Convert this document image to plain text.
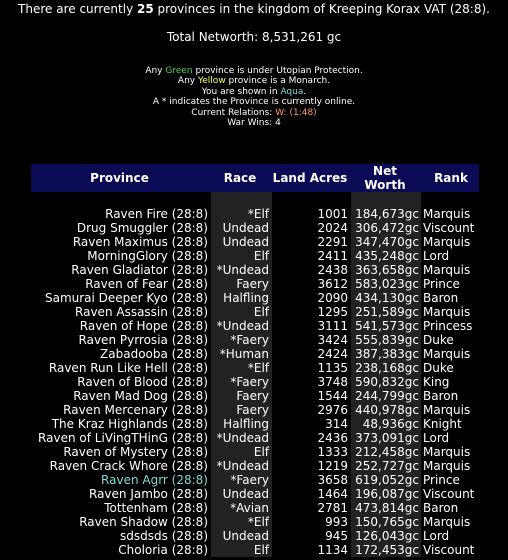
There are currently 25 provinces in the kingdom of Kreeping Korax VAT (28:8).
Total Networth: 8,531,261 gc
Any Green province is under Utopian Protection.
Any Yellow province is a Monarch.
You are shown in Aqua.
A * indicates the Province is currently online.
Current Relations: W: (1:48)
War Wins: 4
Province	Race	Land Acres	Net Worth	Rank

Raven Fire (28:8)	*Elf	1001	184,673gc	Marquis
Drug Smuggler (28:8)	Undead	2024	306,472gc	Viscount
Raven Maximus (28:8)	Undead	2291	347,470gc	Marquis
MorningGlory (28:8)	Elf	2411	435,248gc	Lord
Raven Gladiator (28:8)	*Undead	2438	363,658gc	Marquis
Raven of Fear (28:8)	Faery	3612	583,023gc	Prince
Samurai Deeper Kyo (28:8)	Halfling	2090	434,130gc	Baron
Raven Assassin (28:8)	Elf	1295	251,589gc	Marquis
Raven of Hope (28:8)	*Undead	3111	541,573gc	Princess
Raven Pyrrosia (28:8)	*Faery	3424	555,839gc	Duke
Zabadooba (28:8)	*Human	2424	387,383gc	Marquis
Raven Run Like Hell (28:8)	*Elf	1135	238,168gc	Duke
Raven of Blood (28:8)	*Faery	3748	590,832gc	King
Raven Mad Dog (28:8)	Faery	1544	244,799gc	Baron
Raven Mercenary (28:8)	Faery	2976	440,978gc	Marquis
The Kraz Highlands (28:8)	Halfling	314	48,936gc	Knight
Raven of LiVingTHinG (28:8)	*Undead	2436	373,091gc	Lord
Raven of Mystery (28:8)	Elf	1333	212,458gc	Marquis
Raven Crack Whore (28:8)	*Undead	1219	252,727gc	Marquis
Raven Agrr (28:8)	*Faery	3658	619,052gc	Prince
Raven Jambo (28:8)	Undead	1464	196,087gc	Viscount
Tottenham (28:8)	*Avian	2781	473,814gc	Baron
Raven Shadow (28:8)	*Elf	993	150,765gc	Marquis
sdsdsds (28:8)	Undead	945	126,043gc	Lord
Choloria (28:8)	Elf	1134	172,453gc	Viscount
